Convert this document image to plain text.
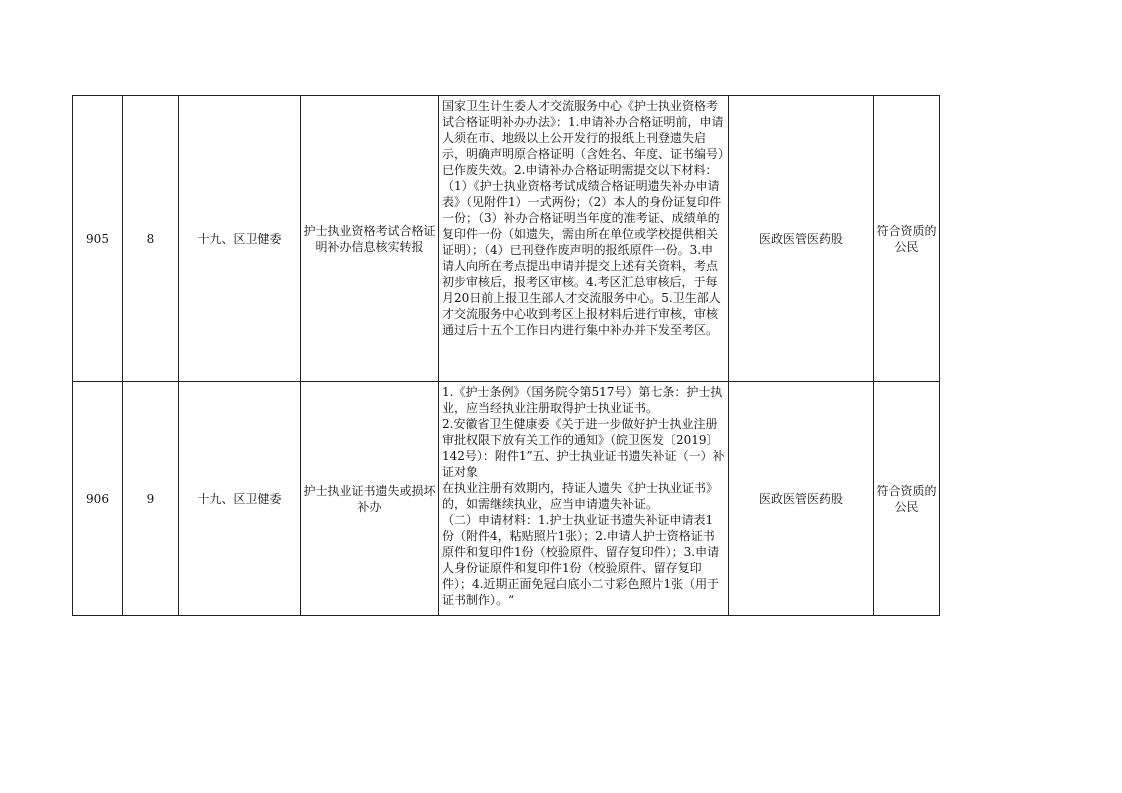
905	8	十九、区卫健委	护士执业资格考试合格证明补办信息核实转报	国家卫生计生委人才交流服务中心《护士执业资格考试合格证明补办办法》：1.申请补办合格证明前，申请人须在市、地级以上公开发行的报纸上刊登遗失启示，明确声明原合格证明（含姓名、年度、证书编号）已作废失效。2.申请补办合格证明需提交以下材料：（1）《护士执业资格考试成绩合格证明遗失补办申请表》（见附件1）一式两份；（2）本人的身份证复印件一份；（3）补办合格证明当年度的准考证、成绩单的复印件一份（如遗失，需由所在单位或学校提供相关证明）；（4）已刊登作废声明的报纸原件一份。3.申请人向所在考点提出申请并提交上述有关资料，考点初步审核后，报考区审核。4.考区汇总审核后，于每月20日前上报卫生部人才交流服务中心。5.卫生部人才交流服务中心收到考区上报材料后进行审核，审核通过后十五个工作日内进行集中补办并下发至考区。	医政医管医药股	符合资质的公民
906	9	十九、区卫健委	护士执业证书遗失或损坏补办	1.《护士条例》（国务院令第517号）第七条：护士执业，应当经执业注册取得护士执业证书。

2.安徽省卫生健康委《关于进一步做好护士执业注册审批权限下放有关工作的通知》（皖卫医发〔2019〕142号）：附件1”五、护士执业证书遗失补证（一）补证对象

在执业注册有效期内，持证人遗失《护士执业证书》的，如需继续执业，应当申请遗失补证。

（二）申请材料：1.护士执业证书遗失补证申请表1份（附件4，粘贴照片1张）；2.申请人护士资格证书原件和复印件1份（校验原件、留存复印件）；3.申请人身份证原件和复印件1份（校验原件、留存复印件）；4.近期正面免冠白底小二寸彩色照片1张（用于证书制作）。“	医政医管医药股	符合资质的公民
